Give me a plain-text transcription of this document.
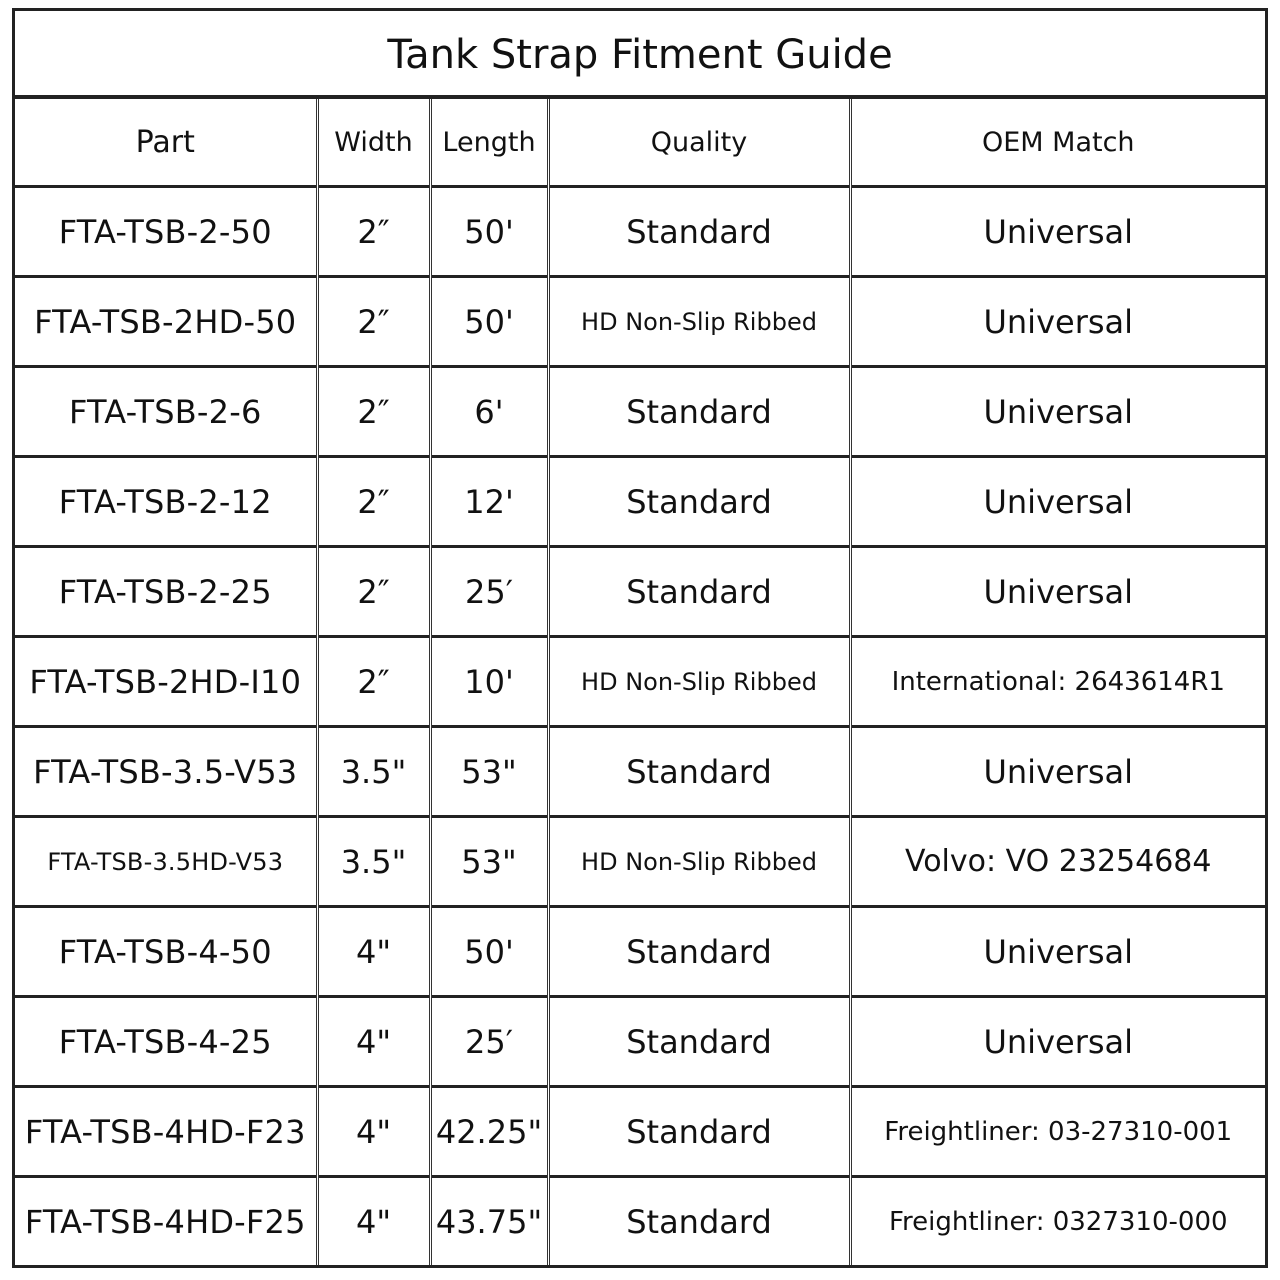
Tank Strap Fitment Guide
Part	Width	Length	Quality	OEM Match
FTA-TSB-2-50	2″	50'	Standard	Universal
FTA-TSB-2HD-50	2″	50'	HD Non-Slip Ribbed	Universal
FTA-TSB-2-6	2″	6'	Standard	Universal
FTA-TSB-2-12	2″	12'	Standard	Universal
FTA-TSB-2-25	2″	25′	Standard	Universal
FTA-TSB-2HD-I10	2″	10'	HD Non-Slip Ribbed	International: 2643614R1
FTA-TSB-3.5-V53	3.5"	53"	Standard	Universal
FTA-TSB-3.5HD-V53	3.5"	53"	HD Non-Slip Ribbed	Volvo: VO 23254684
FTA-TSB-4-50	4"	50'	Standard	Universal
FTA-TSB-4-25	4"	25′	Standard	Universal
FTA-TSB-4HD-F23	4"	42.25"	Standard	Freightliner: 03-27310-001
FTA-TSB-4HD-F25	4"	43.75"	Standard	Freightliner: 0327310-000
